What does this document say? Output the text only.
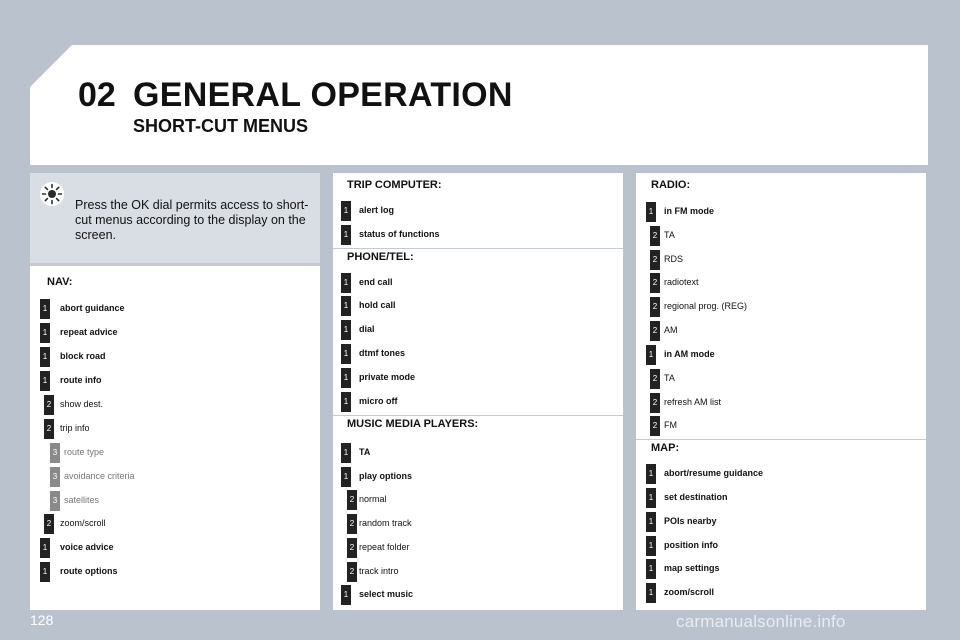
02 GENERAL OPERATION
SHORT-CUT MENUS
Press the OK dial permits access to short-cut menus according to the display on the screen.
NAV:
1	abort guidance
1	repeat advice
1	block road
1	route info
2 show dest.
2 trip info
3 route type
3 avoidance criteria
3 satellites
2 zoom/scroll
1	voice advice
1	route options
TRIP COMPUTER:
1	alert log
1	status of functions
PHONE/TEL:
1	end call
1	hold call
1	dial
1	dtmf tones
1	private mode
1	micro off
MUSIC MEDIA PLAYERS:
1	TA
1	play options
2 normal
2 random track
2 repeat folder
2 track intro
1	select music
RADIO:
1	in FM mode
2 TA
2 RDS
2 radiotext
2 regional prog. (REG)
2 AM
1	in AM mode
2 TA
2 refresh AM list
2 FM
MAP:
1	abort/resume guidance
1	set destination
1	POIs nearby
1	position info
1	map settings
1	zoom/scroll
128	carmanualsonline.info
